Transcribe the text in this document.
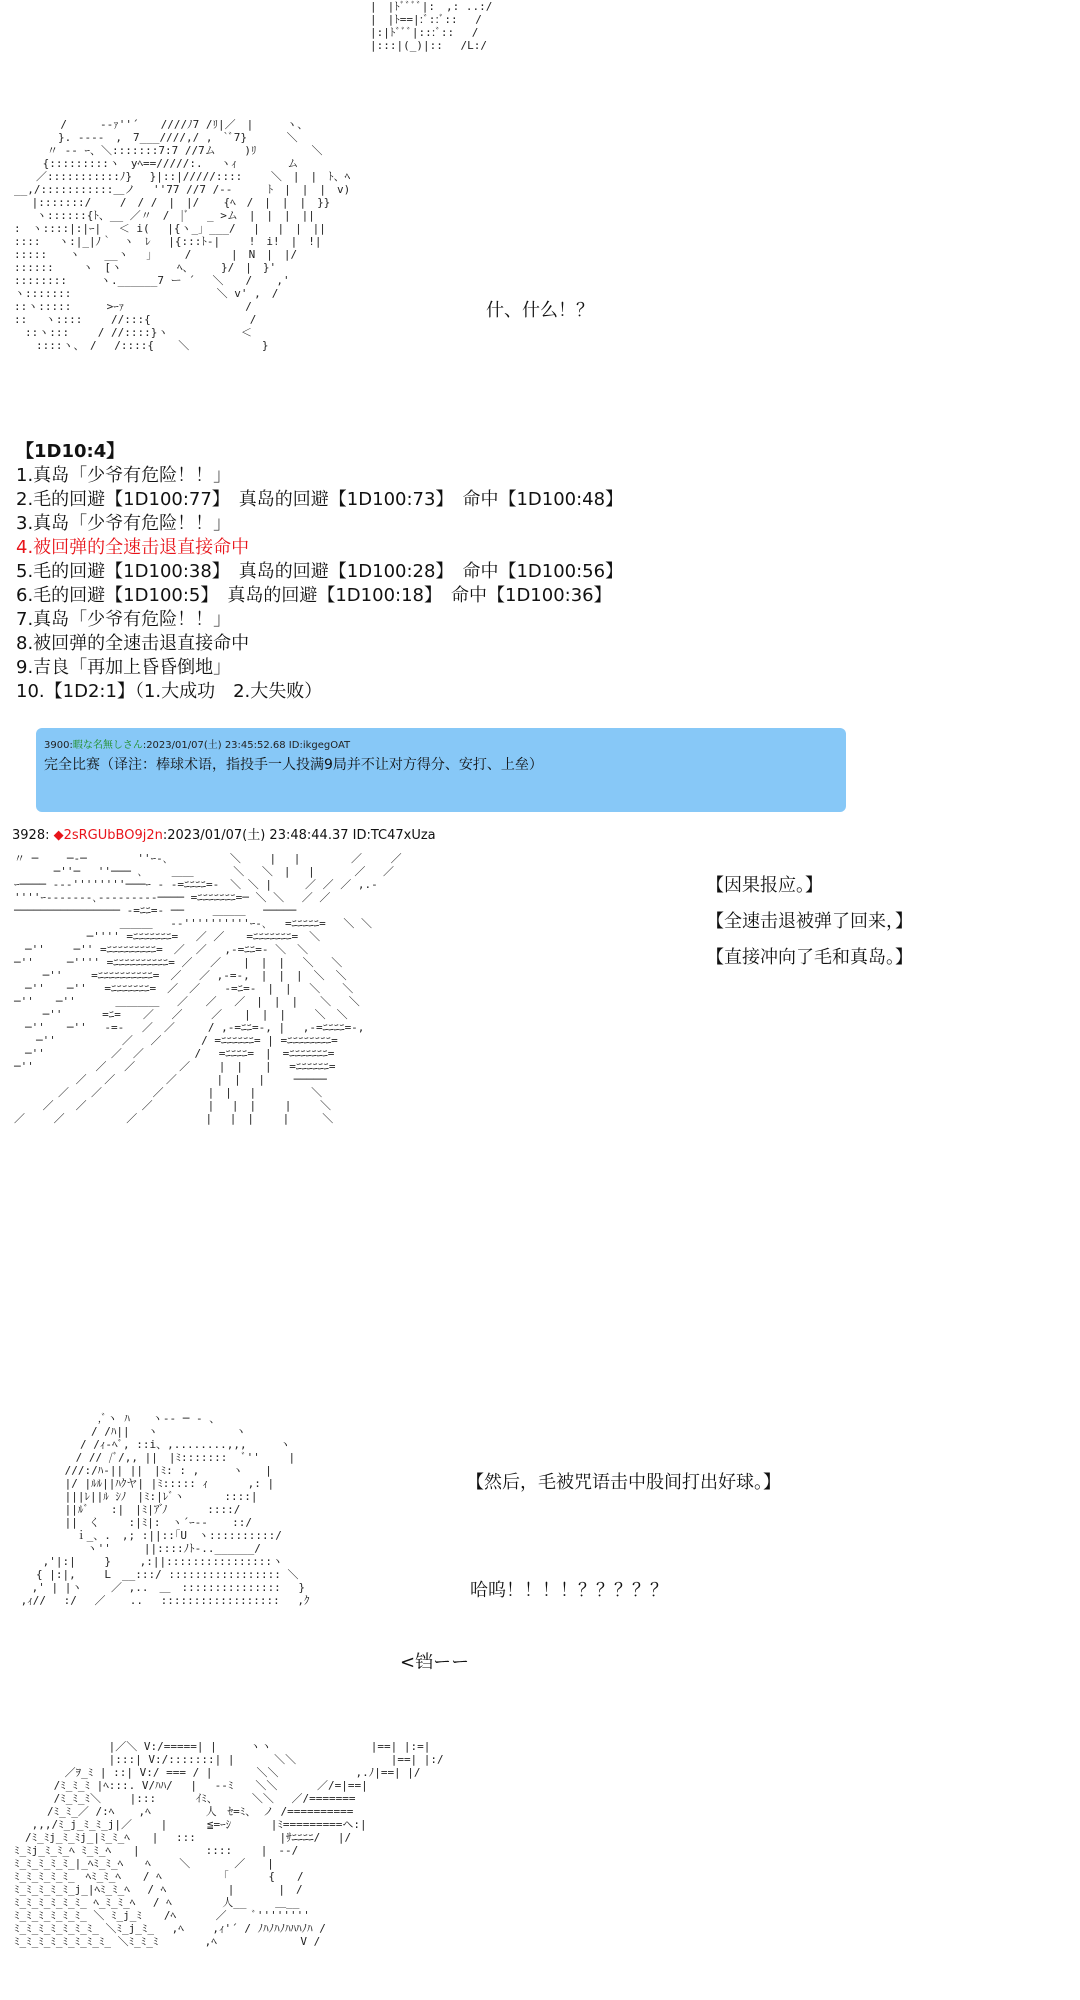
|　|ﾄﾞﾞﾞﾞ|:　,: ..:/
|　|ﾄ==|:ﾞ::ﾞ:: 　/
|:|ﾄﾞﾞﾞ|:::ﾞ:: 　/
|:::|(_)|::　 /L:/
/　　　--ｧ''´　　////ﾉ7 /ﾘ|／　|　　　ヽ、
　　　　}. ----　,　7___////,/ ,　`ﾞ7}　　 　＼
　　　〃 -- ｰ、＼:::::::7:7 //7ム　　 )ﾘ　　　　　＼
　　 {:::::::::ヽ　yﾍ==/////:.　 ヽｨ 　　　　ム
　　／:::::::::::ﾉ} 　}|::|/////::::　　 ＼　|　|　ﾄ、ﾍ
__,/:::::::::::＿ノ　 ''77 //7 /-- 　　 ﾄ　|　|　|　v)
　 |:::::::/　　 /　/ /　|　|/ 　 {ﾍ　/　|　|　|　}}
　　ヽ::::::{ﾄ、__ ／〃　/　|ﾞ 　_ >ム　|　|　|　||
:　ヽ::::|:|ｰ|　 ＜ i( 　|{ヽ_」___/ 　|　 |　|　||
::::　 ヽ:|_|ﾉ｀　ヽ　ﾚ　 |{:::ﾄ-|　　 !　i!　|　!|
:::::　　ヽ 　 __ヽ　 」　　　/　　　 |　N　|　|/
::::::　　 ヽ　[ヽ　　　　　ﾍ、　　　}/　|　}'
::::::::　　　ヽ.______7 ー ´　 ＼　　/ 　 ,'
ヽ:::::::　　　　　　 　　　　　　 ＼ v' ,　/
::ヽ:::::　 　 >ｰｧ　　　　　　　　　　　/
::　 ヽ::::　　 //:::{　　　　　　　　　/
　::ヽ:::　　 / //::::}ヽ　　　　　　 ＜
　　::::ヽ、　/　 /::::{ 　 ＼　　　　　　 }
什、什么！？
【1D10:4】
1.真岛「少爷有危险！！」
2.毛的回避【1D100:77】　真岛的回避【1D100:73】　命中【1D100:48】
3.真岛「少爷有危险！！」
4.被回弹的全速击退直接命中
5.毛的回避【1D100:38】　真岛的回避【1D100:28】　命中【1D100:56】
6.毛的回避【1D100:5】　真岛的回避【1D100:18】　命中【1D100:36】
7.真岛「少爷有危险！！」
8.被回弹的全速击退直接命中
9.吉良「再加上昏昏倒地」
10.【1D2:1】（1.大成功　2.大失败）
3900:暇な名無しさん:2023/01/07(土) 23:45:52.68 ID:ikgegOAT
完全比赛（译注：棒球术语，指投手一人投满9局并不让对方得分、安打、上垒）
3928: ◆2sRGUbBO9j2n:2023/01/07(土) 23:48:44.37 ID:TC47xUza
〃 ─　　 ─‐─ 　　　　''ｰ-､　　　　　 ＼　　 |　 |　　　　 ／　　 ／
　　　 ─''─　 ''─── ､　　 ＿＿　　　 ＼　 ＼　|　 |　　　 ／　 ／
ｰ──── ‐‐‐''''''''───ｰ ‐ -=ﾆﾆﾆﾆ=-　＼ ＼ |　　　／ ／ ／ ,.-
''''ｰ-------､‐‐‐‐‐‐‐‐‐──── =ﾆﾆﾆﾆﾆﾆﾆ=─ ＼ ＼　 ／ ／
──────────────── -=ﾆﾆ=- ──　　 ＿＿＿　 ─────
　　　　　　　　　 ＿＿＿　 ‐‐''''''''''ｰ-､　 =ﾆﾆﾆﾆﾆ=　 ＼ ＼
　　　　　　 ─'''' =ﾆﾆﾆﾆﾆﾆﾆ=　 ／ ／　　=ﾆﾆﾆﾆﾆﾆﾆ=　＼
　─''　　 ─'' =ﾆﾆﾆﾆﾆﾆﾆﾆﾆ=　／　／　 ,-=ﾆﾆ=- ＼　＼
─''　　　─'''' =ﾆﾆﾆﾆﾆﾆﾆﾆﾆﾆ= ／　 ／　　|　|　|　 ＼　 ＼
　　 ─''　　 =ﾆﾆﾆﾆﾆﾆﾆﾆﾆﾆ=　／　 ／ ,-=-,　|　|　|　＼　＼
　─''　　─''　 =ﾆﾆﾆﾆﾆﾆﾆ=　／　／ 　 -=ﾆ=-　|　|　 ＼　　＼
─''　　─''　　　 ＿＿＿＿　 ／　 ／　 ／　|　|　|　　＼　 ＼
　　 ─''　　　 =ﾆ=　　／　 ／　　 ／　　|　|　|　　 ＼　＼
　─''　　─''　 -=-　 ／　／　　　/ ,-=ﾆﾆ=-, |　 ,-=ﾆﾆﾆﾆ=-,
　　─''　　　　　　／　 ／　　　 / =ﾆﾆﾆﾆﾆﾆ= | =ﾆﾆﾆﾆﾆﾆﾆﾆ=
　─''　　　　　　／　／　　　　 / 　=ﾆﾆﾆﾆ=　|　=ﾆﾆﾆﾆﾆﾆﾆ=
─''　　　　　 ／　 ／　　　　／　 　|　|　　|　 =ﾆﾆﾆﾆﾆﾆ=
　　　　　 ／　 ／　　　　 ／　　　 |　|　 |　　 ─────
　　　　／　　／　　　　 ／　　　　|　|　 |　　　　　＼
　　 ／　　／　　　　　／　　　　　|　 |　|　 　|　　 ＼
／　　 ／　　　　　 ／　　　 　　 |　 |　|　　 |　　　＼
【因果报应。】
【全速击退被弹了回来，】
【直接冲向了毛和真岛。】
　　　　　　　 ,ﾞヽ ﾊ　　ヽ-- ─ - 、
　　　　　　　/ /ﾊ||　 ヽ　　　　　　　ヽ
　　　　　　/ /ｨ-ﾍﾞ, ::i、,........,,,　　　ヽ
　　　　　 / // /ﾞ/,, ||　|ﾐ:::::::　 ﾞ''　　 |
　　　　 ///:/ﾊ-|| ||　|ﾐ: : ,　　　ヽ　　|
　　　　 |/ |ﾙﾙ||ﾊｸヤ| |ﾐ::::: ｨ　　　 ,: |
　　　　 |||ﾚ||ﾙ ｼﾉ　|ﾐ:|ﾚﾞヽ　　　 ::::|
　　　　 ||ﾙﾞ　　:|　|ﾐ|ｱ ゙ﾉ　　　 ::::/
　　　　 ||　く　　 :|ﾐ|:　ヽ´ｰ-- 　 ::/
　　　　　 ｉ_、.　,; :||::｢U　ヽ::::::::::/
　　　　　　 ヽ''　　　||::::ﾉﾄ-..______/
　　 ,'|:|　　 }　　 ,:||::::::::::::::::ヽ
　　{ |:|,　　 L　__:::/ ::::::::::::::::: ＼
　 ,' | |ヽ　　 ／ ,..　＿　:::::::::::::::　 }
,ｨ//　 :/　 ／ 　 ..　 ::::::::::::::::::　 ,ｸ
<铛ーー
【然后，毛被咒语击中股间打出好球。】
哈呜！！！！？？？？？
　　　　　　　　 |／＼ V:/=====| |　　　ヽヽ　　　　　　　　　|==| |:=|
　　　　　　　　 |:::| V:/:::::::| |　　　 ＼＼　　　　　　　　 |==| |:/
　　　　 ／ｦ_ﾐ | ::| V:/ === / |　　　　＼＼　　　　　　　,.ﾉ|==| |/
　　　 /ﾐ_ﾐ_ﾐ |ﾍ:::. V/ﾊﾊ/ 　|　 --ﾐ　　＼＼　　　 ／/=|==|
　　　 /ﾐ_ﾐ_ﾐ＼ 　　|:::　　　 ｲﾐ、　　　 ＼＼　 ／/=======
　　　/ﾐ_ﾐ_／ /:ﾍ 　 ,ﾍ　　　　　人　ｾ=ﾐ、 ノ /==========
　 ,,,/ﾐ_j_ﾐ_ﾐ_j|／ 　　|　　　 ≦=ｰｼ　　　 |ﾐ=========ヘ:|
　/ﾐ_ﾐj_ﾐ_ﾐj_|ﾐ_ﾐ_ﾍ　　|　 :::　　　　　　　 |ｻﾆﾆﾆﾆ/　 |/
ﾐ_ﾐj_ﾐ_ﾐ_ﾍ ﾐ_ﾐ_ﾍ　　|　　　　　　:::: 　　|　--/
ﾐ_ﾐ_ﾐ_ﾐ_ﾐ_|_ﾍﾐ_ﾐ_ﾍ　　ﾍ　　 ＼　　　　／　　|
ﾐ_ﾐ_ﾐ_ﾐ_ﾐ_　ﾍﾐ_ﾐ_ﾍ　　/ ﾍ　　　　　 ｢　　　 {　　/
ﾐ_ﾐ_ﾐ_ﾐ_ﾐ_j_|ﾍﾐ_ﾐ_ﾍ　 / ﾍ　　　　　 |　　　　|　/
ﾐ_ﾐ_ﾐ_ﾐ_ﾐ_ﾐ_ ﾍ_ﾐ_ﾐ_ﾍ　 / ﾍ 　　　　人__　　 ＿__
ﾐ_ﾐ_ﾐ_ﾐ_ﾐ_ﾐ_ ＼ ﾐ_j_ﾐ　　/ﾍ　　　 ／　　 ﾞ''''''''
ﾐ_ﾐ_ﾐ_ﾐ_ﾐ_ﾐ_ﾐ_ ＼ﾐ_j_ﾐ_ 　,ﾍ　　 ,ｨ'´ / ﾉﾊﾉﾊﾉﾊﾊﾊﾉﾊ /
ﾐ_ﾐ_ﾐ_ﾐ_ﾐ_ﾐ_ﾐ_ﾐ_ ＼ﾐ_ﾐ_ﾐ 　　 　,ﾍ 　　　　　　　V /
